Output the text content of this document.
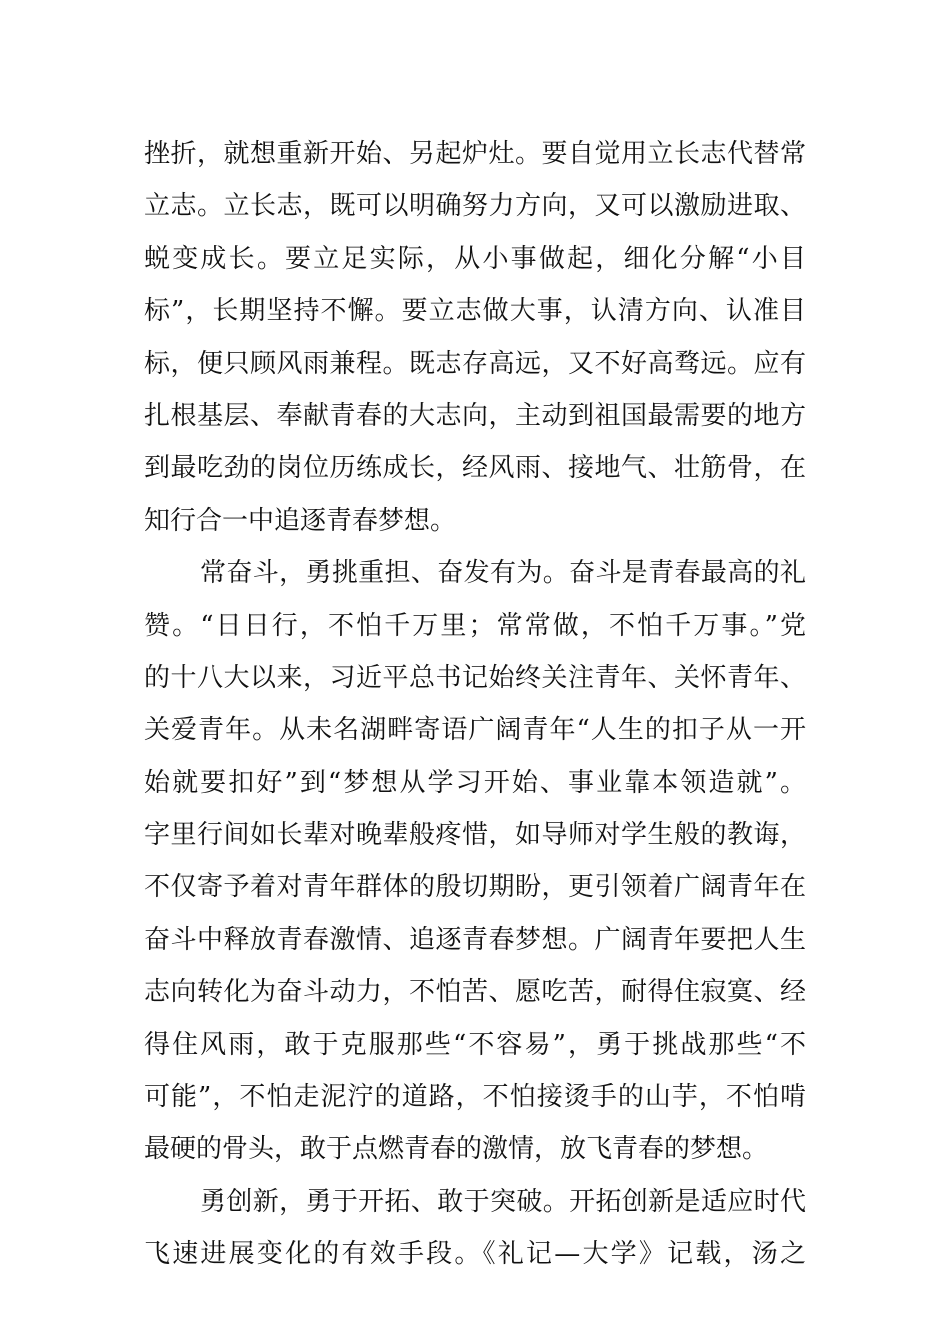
挫折，就想重新开始、另起炉灶。要自觉用立长志代替常
立志。立长志，既可以明确努力方向，又可以激励进取、
蜕变成长。要立足实际，从小事做起，细化分解“小目
标”，长期坚持不懈。要立志做大事，认清方向、认准目
标，便只顾风雨兼程。既志存高远，又不好高骛远。应有
扎根基层、奉献青春的大志向，主动到祖国最需要的地方
到最吃劲的岗位历练成长，经风雨、接地气、壮筋骨，在
知行合一中追逐青春梦想。
常奋斗，勇挑重担、奋发有为。奋斗是青春最高的礼
赞。“日日行，不怕千万里；常常做，不怕千万事。”党
的十八大以来，习近平总书记始终关注青年、关怀青年、
关爱青年。从未名湖畔寄语广阔青年“人生的扣子从一开
始就要扣好”到“梦想从学习开始、事业靠本领造就”。
字里行间如长辈对晚辈般疼惜，如导师对学生般的教诲，
不仅寄予着对青年群体的殷切期盼，更引领着广阔青年在
奋斗中释放青春激情、追逐青春梦想。广阔青年要把人生
志向转化为奋斗动力，不怕苦、愿吃苦，耐得住寂寞、经
得住风雨，敢于克服那些“不容易”，勇于挑战那些“不
可能”，不怕走泥泞的道路，不怕接烫手的山芋，不怕啃
最硬的骨头，敢于点燃青春的激情，放飞青春的梦想。
勇创新，勇于开拓、敢于突破。开拓创新是适应时代
飞速进展变化的有效手段。《礼记—大学》记载，汤之
